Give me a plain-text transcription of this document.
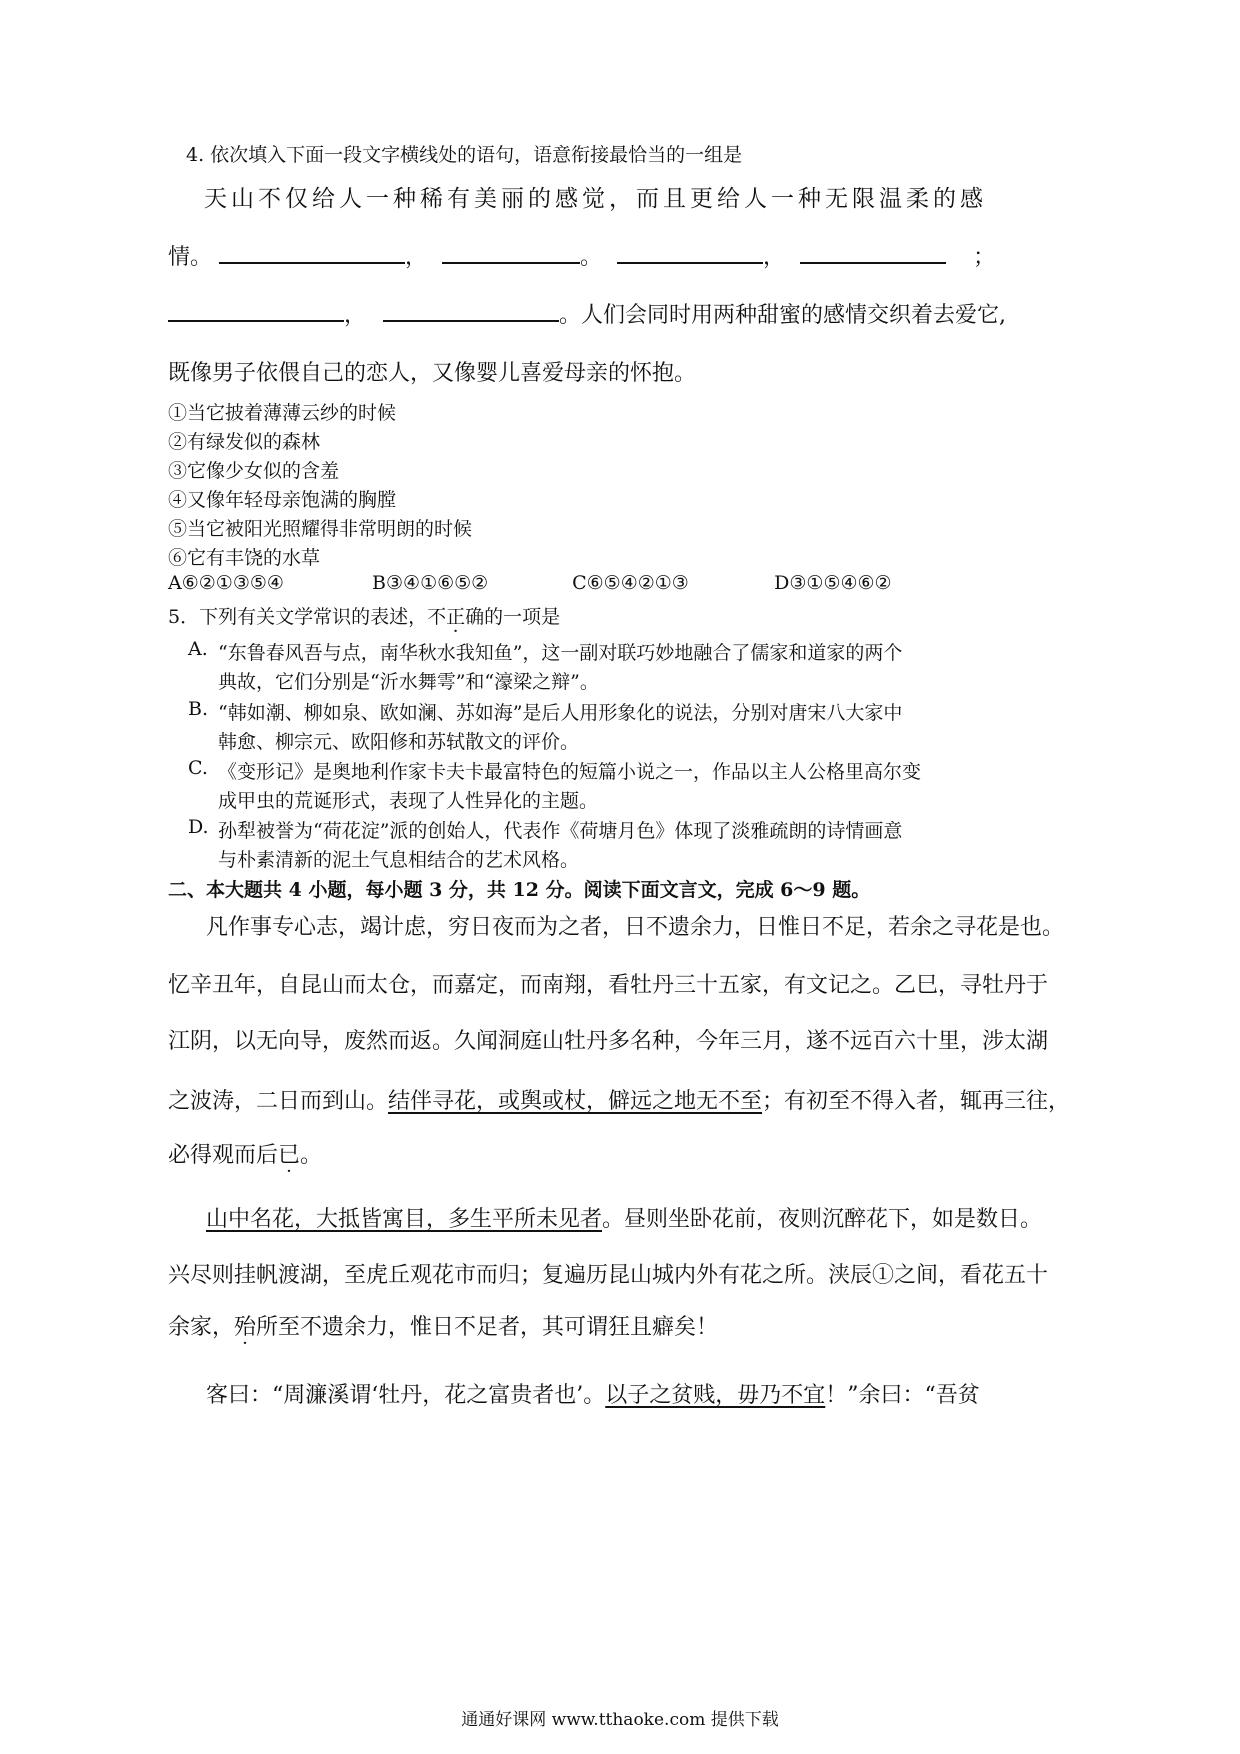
4. 依次填入下面一段文字横线处的语句，语意衔接最恰当的一组是
天山不仅给人一种稀有美丽的感觉，而且更给人一种无限温柔的感
情。	，	。	，	；
，	。人们会同时用两种甜蜜的感情交织着去爱它,
既像男子依偎自己的恋人，又像婴儿喜爱母亲的怀抱。
①当它披着薄薄云纱的时候
②有绿发似的森林
③它像少女似的含羞
④又像年轻母亲饱满的胸膛
⑤当它被阳光照耀得非常明朗的时候
⑥它有丰饶的水草
A⑥②①③⑤④	B③④①⑥⑤②	C⑥⑤④②①③	D③①⑤④⑥②
5．下列有关文学常识的表述，不正确的一项是
A. “东鲁春风吾与点，南华秋水我知鱼”，这一副对联巧妙地融合了儒家和道家的两个
典故，它们分别是“沂水舞雩”和“濠梁之辩”。
B. “韩如潮、柳如泉、欧如澜、苏如海”是后人用形象化的说法，分别对唐宋八大家中
韩愈、柳宗元、欧阳修和苏轼散文的评价。
C. 《变形记》是奥地利作家卡夫卡最富特色的短篇小说之一，作品以主人公格里高尔变
成甲虫的荒诞形式，表现了人性异化的主题。
D. 孙犁被誉为“荷花淀”派的创始人，代表作《荷塘月色》体现了淡雅疏朗的诗情画意
与朴素清新的泥土气息相结合的艺术风格。
二、本大题共 4 小题，每小题 3 分，共 12 分。阅读下面文言文，完成 6～9 题。
凡作事专心志，竭计虑，穷日夜而为之者，日不遗余力，日惟日不足，若余之寻花是也。
忆辛丑年，自昆山而太仓，而嘉定，而南翔，看牡丹三十五家，有文记之。乙巳，寻牡丹于
江阴，以无向导，废然而返。久闻洞庭山牡丹多名种，今年三月，遂不远百六十里，涉太湖
之波涛，二日而到山。结伴寻花，或舆或杖，僻远之地无不至；有初至不得入者，辄再三往，
必得观而后已。
山中名花，大抵皆寓目，多生平所未见者。昼则坐卧花前，夜则沉醉花下，如是数日。
兴尽则挂帆渡湖，至虎丘观花市而归；复遍历昆山城内外有花之所。浃辰①之间，看花五十
余家，殆所至不遗余力，惟日不足者，其可谓狂且癖矣！
客曰：“周濂溪谓‘牡丹，花之富贵者也’。以子之贫贱，毋乃不宜！”余曰：“吾贫
通通好课网 www.tthaoke.com 提供下载
